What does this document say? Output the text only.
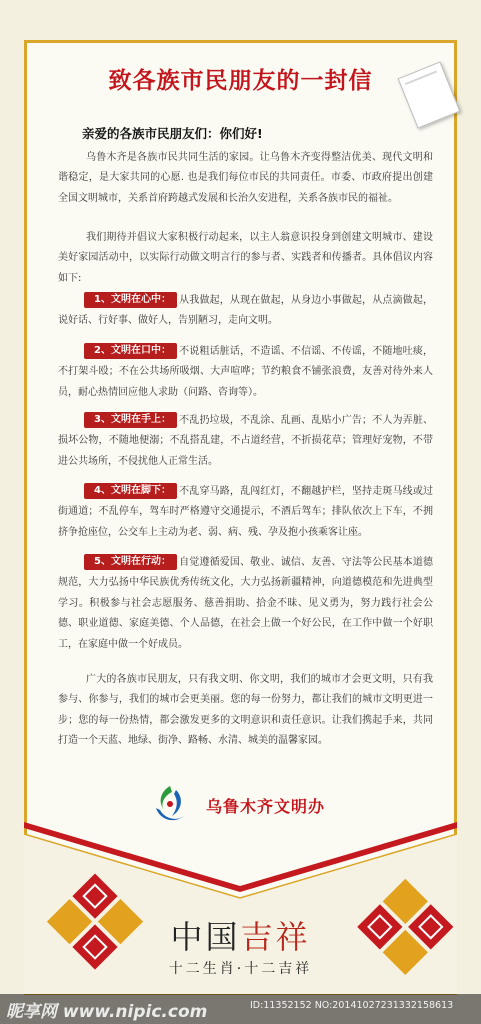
致各族市民朋友的一封信
亲爱的各族市民朋友们：你们好!

乌鲁木齐是各族市民共同生活的家园。让乌鲁木齐变得整洁优美、现代文明和谐稳定，是大家共同的心愿. 也是我们每位市民的共同责任。市委、市政府提出创建全国文明城市，关系首府跨越式发展和长治久安进程，关系各族市民的福祉。

我们期待并倡议大家积极行动起来，以主人翁意识投身到创建文明城市、建设美好家园活动中，以实际行动做文明言行的参与者、实践者和传播者。具体倡议内容如下:

1、文明在心中： 从我做起，从现在做起，从身边小事做起，从点滴做起，说好话、行好事、做好人，告别陋习，走向文明。

2、文明在口中： 不说粗话脏话，不造谣、不信谣、不传谣，不随地吐痰，不打架斗殴；不在公共场所吸烟、大声喧哗；节约粮食不铺张浪费，友善对待外来人员，耐心热情回应他人求助（问路、咨询等）。

3、文明在手上： 不乱扔垃圾，不乱涂、乱画、乱贴小广告；不人为弄脏、损坏公物，不随地便溺；不乱搭乱建，不占道经营，不折损花草；管理好宠物，不带进公共场所，不侵扰他人正常生活。

4、文明在脚下： 不乱穿马路，乱闯红灯，不翻越护栏，坚持走斑马线或过街通道；不乱停车，驾车时严格遵守交通提示，不酒后驾车；排队依次上下车，不拥挤争抢座位，公交车上主动为老、弱、病、残、孕及抱小孩乘客让座。

5、文明在行动： 自觉遵循爱国、敬业、诚信、友善、守法等公民基本道德规范，大力弘扬中华民族优秀传统文化，大力弘扬新疆精神，向道德模范和先进典型学习。积极参与社会志愿服务、慈善捐助、拾金不昧、见义勇为，努力践行社会公德、职业道德、家庭美德、个人品德，在社会上做一个好公民，在工作中做一个好职工，在家庭中做一个好成员。

广大的各族市民朋友，只有我文明、你文明，我们的城市才会更文明，只有我参与、你参与，我们的城市会更美丽。您的每一份努力，都让我们的城市文明更进一步；您的每一份热情，都会激发更多的文明意识和责任意识。让我们携起手来，共同打造一个天蓝、地绿、街净、路畅、水清、城美的温馨家园。

乌鲁木齐文明办
中国吉祥
十二生肖·十二吉祥
昵享网 www.nipic.com	ID:11352152 NO:20141027231332158613
